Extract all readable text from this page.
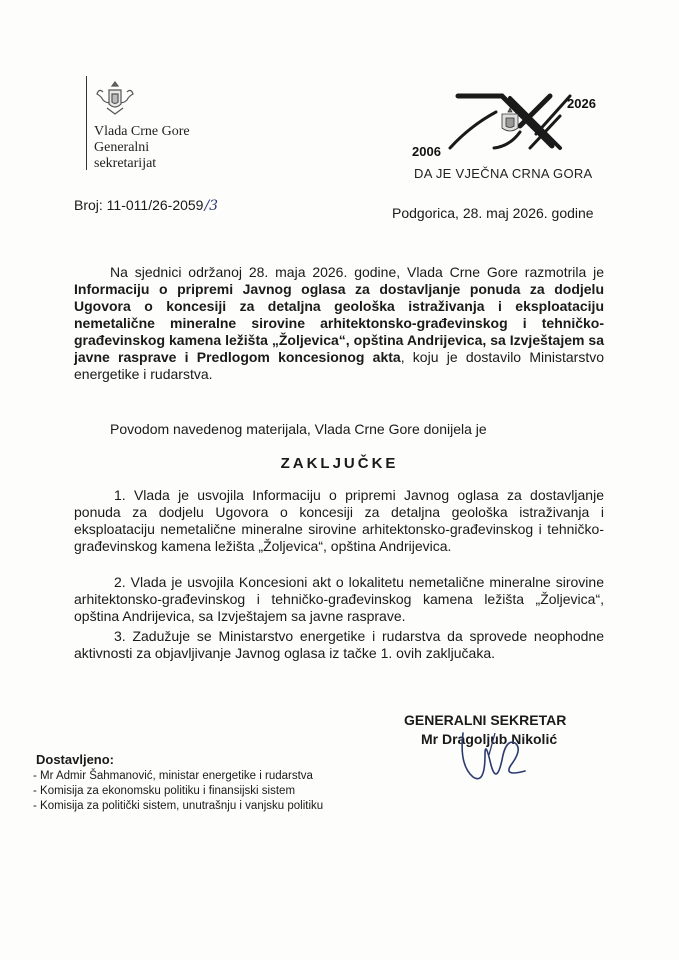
Vlada Crne Gore
Generalni
sekretarijat
2026
2006
DA JE VJEČNA CRNA GORA
Broj: 11-011/26-2059/3	Podgorica, 28. maj 2026. godine

Na sjednici održanoj 28. maja 2026. godine, Vlada Crne Gore razmotrila je Informaciju o pripremi Javnog oglasa za dostavljanje ponuda za dodjelu Ugovora o koncesiji za detaljna geološka istraživanja i eksploataciju nemetalične mineralne sirovine arhitektonsko-građevinskog i tehničko-građevinskog kamena ležišta „Žoljevica“, opština Andrijevica, sa Izvještajem sa javne rasprave i Predlogom koncesionog akta, koju je dostavilo Ministarstvo energetike i rudarstva.

Povodom navedenog materijala, Vlada Crne Gore donijela je

ZAKLJUČKE

1. Vlada je usvojila Informaciju o pripremi Javnog oglasa za dostavljanje ponuda za dodjelu Ugovora o koncesiji za detaljna geološka istraživanja i eksploataciju nemetalične mineralne sirovine arhitektonsko-građevinskog i tehničko-građevinskog kamena ležišta „Žoljevica“, opština Andrijevica.

2. Vlada je usvojila Koncesioni akt o lokalitetu nemetalične mineralne sirovine arhitektonsko-građevinskog i tehničko-građevinskog kamena ležišta „Žoljevica“, opština Andrijevica, sa Izvještajem sa javne rasprave.

3. Zadužuje se Ministarstvo energetike i rudarstva da sprovede neophodne aktivnosti za objavljivanje Javnog oglasa iz tačke 1. ovih zaključaka.

GENERALNI SEKRETAR
Mr Dragoljub Nikolić
Dostavljeno:
- Mr Admir Šahmanović, ministar energetike i rudarstva
- Komisija za ekonomsku politiku i finansijski sistem
- Komisija za politički sistem, unutrašnju i vanjsku politiku
